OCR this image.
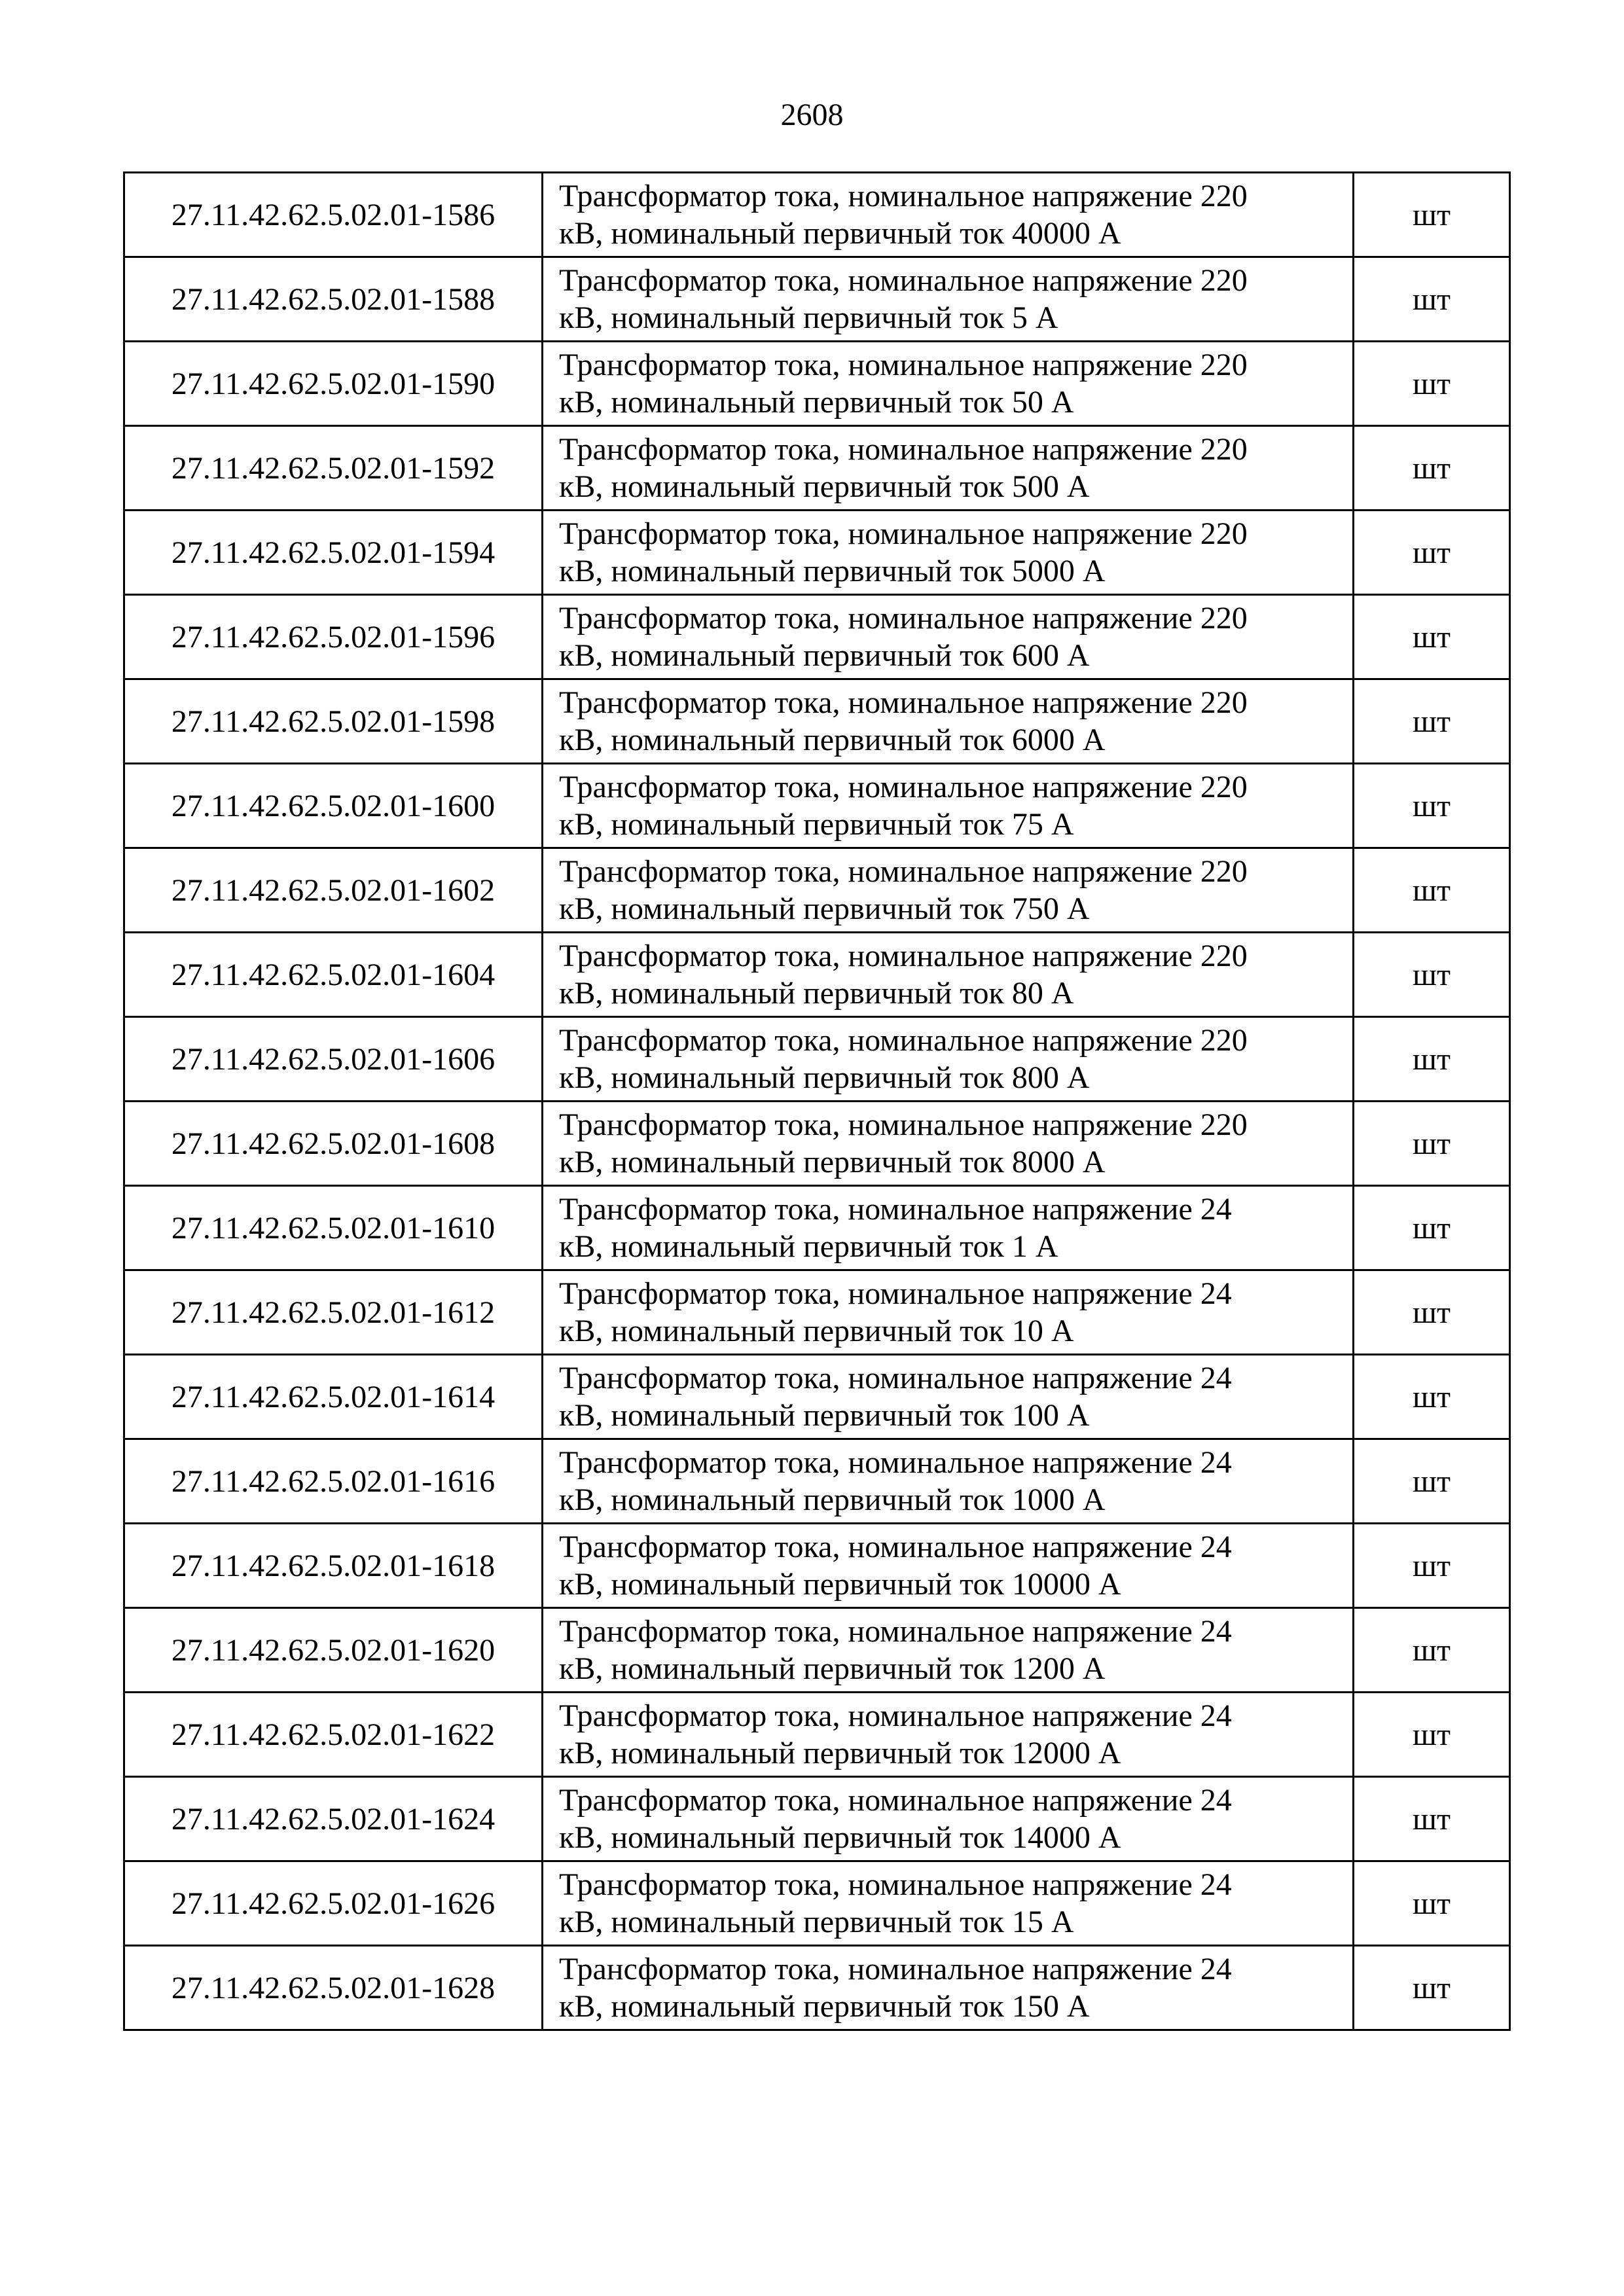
2608
27.11.42.62.5.02.01-1586	Трансформатор тока, номинальное напряжение 220
кВ, номинальный первичный ток 40000 А	шт
27.11.42.62.5.02.01-1588	Трансформатор тока, номинальное напряжение 220
кВ, номинальный первичный ток 5 А	шт
27.11.42.62.5.02.01-1590	Трансформатор тока, номинальное напряжение 220
кВ, номинальный первичный ток 50 А	шт
27.11.42.62.5.02.01-1592	Трансформатор тока, номинальное напряжение 220
кВ, номинальный первичный ток 500 А	шт
27.11.42.62.5.02.01-1594	Трансформатор тока, номинальное напряжение 220
кВ, номинальный первичный ток 5000 А	шт
27.11.42.62.5.02.01-1596	Трансформатор тока, номинальное напряжение 220
кВ, номинальный первичный ток 600 А	шт
27.11.42.62.5.02.01-1598	Трансформатор тока, номинальное напряжение 220
кВ, номинальный первичный ток 6000 А	шт
27.11.42.62.5.02.01-1600	Трансформатор тока, номинальное напряжение 220
кВ, номинальный первичный ток 75 А	шт
27.11.42.62.5.02.01-1602	Трансформатор тока, номинальное напряжение 220
кВ, номинальный первичный ток 750 А	шт
27.11.42.62.5.02.01-1604	Трансформатор тока, номинальное напряжение 220
кВ, номинальный первичный ток 80 А	шт
27.11.42.62.5.02.01-1606	Трансформатор тока, номинальное напряжение 220
кВ, номинальный первичный ток 800 А	шт
27.11.42.62.5.02.01-1608	Трансформатор тока, номинальное напряжение 220
кВ, номинальный первичный ток 8000 А	шт
27.11.42.62.5.02.01-1610	Трансформатор тока, номинальное напряжение 24
кВ, номинальный первичный ток 1 А	шт
27.11.42.62.5.02.01-1612	Трансформатор тока, номинальное напряжение 24
кВ, номинальный первичный ток 10 А	шт
27.11.42.62.5.02.01-1614	Трансформатор тока, номинальное напряжение 24
кВ, номинальный первичный ток 100 А	шт
27.11.42.62.5.02.01-1616	Трансформатор тока, номинальное напряжение 24
кВ, номинальный первичный ток 1000 А	шт
27.11.42.62.5.02.01-1618	Трансформатор тока, номинальное напряжение 24
кВ, номинальный первичный ток 10000 А	шт
27.11.42.62.5.02.01-1620	Трансформатор тока, номинальное напряжение 24
кВ, номинальный первичный ток 1200 А	шт
27.11.42.62.5.02.01-1622	Трансформатор тока, номинальное напряжение 24
кВ, номинальный первичный ток 12000 А	шт
27.11.42.62.5.02.01-1624	Трансформатор тока, номинальное напряжение 24
кВ, номинальный первичный ток 14000 А	шт
27.11.42.62.5.02.01-1626	Трансформатор тока, номинальное напряжение 24
кВ, номинальный первичный ток 15 А	шт
27.11.42.62.5.02.01-1628	Трансформатор тока, номинальное напряжение 24
кВ, номинальный первичный ток 150 А	шт
